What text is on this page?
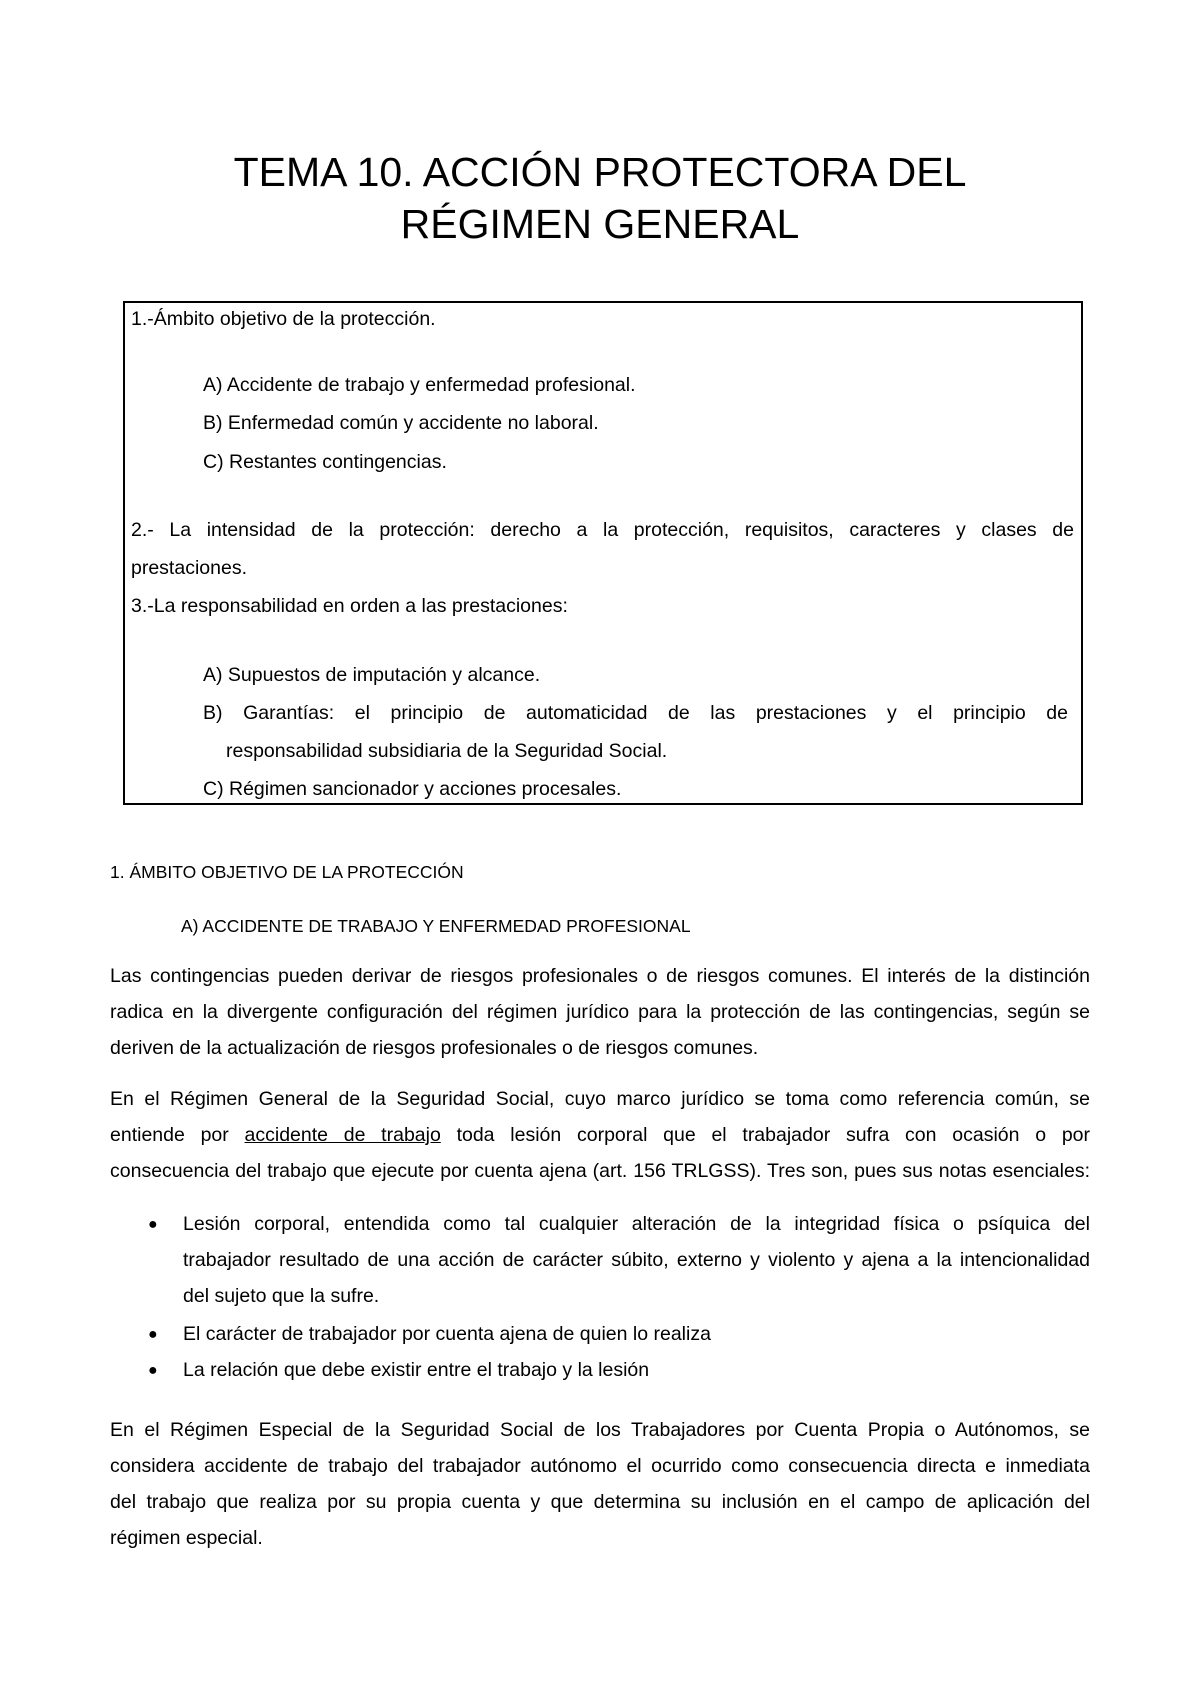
TEMA 10. ACCIÓN PROTECTORA DEL
RÉGIMEN GENERAL
1.-Ámbito objetivo de la protección.
A) Accidente de trabajo y enfermedad profesional.
B) Enfermedad común y accidente no laboral.
C) Restantes contingencias.
2.- La intensidad de la protección: derecho a la protección, requisitos, caracteres y clases de
prestaciones.
3.-La responsabilidad en orden a las prestaciones:
A) Supuestos de imputación y alcance.
B) Garantías: el principio de automaticidad de las prestaciones y el principio de
responsabilidad subsidiaria de la Seguridad Social.
C) Régimen sancionador y acciones procesales.
1. ÁMBITO OBJETIVO DE LA PROTECCIÓN
A) ACCIDENTE DE TRABAJO Y ENFERMEDAD PROFESIONAL
Las contingencias pueden derivar de riesgos profesionales o de riesgos comunes. El interés de la distinción
radica en la divergente configuración del régimen jurídico para la protección de las contingencias, según se
deriven de la actualización de riesgos profesionales o de riesgos comunes.
En el Régimen General de la Seguridad Social, cuyo marco jurídico se toma como referencia común, se
entiende por accidente de trabajo toda lesión corporal que el trabajador sufra con ocasión o por
consecuencia del trabajo que ejecute por cuenta ajena (art. 156 TRLGSS). Tres son, pues sus notas esenciales:
● Lesión corporal, entendida como tal cualquier alteración de la integridad física o psíquica del
trabajador resultado de una acción de carácter súbito, externo y violento y ajena a la intencionalidad
del sujeto que la sufre.
● El carácter de trabajador por cuenta ajena de quien lo realiza
● La relación que debe existir entre el trabajo y la lesión
En el Régimen Especial de la Seguridad Social de los Trabajadores por Cuenta Propia o Autónomos, se
considera accidente de trabajo del trabajador autónomo el ocurrido como consecuencia directa e inmediata
del trabajo que realiza por su propia cuenta y que determina su inclusión en el campo de aplicación del
régimen especial.
